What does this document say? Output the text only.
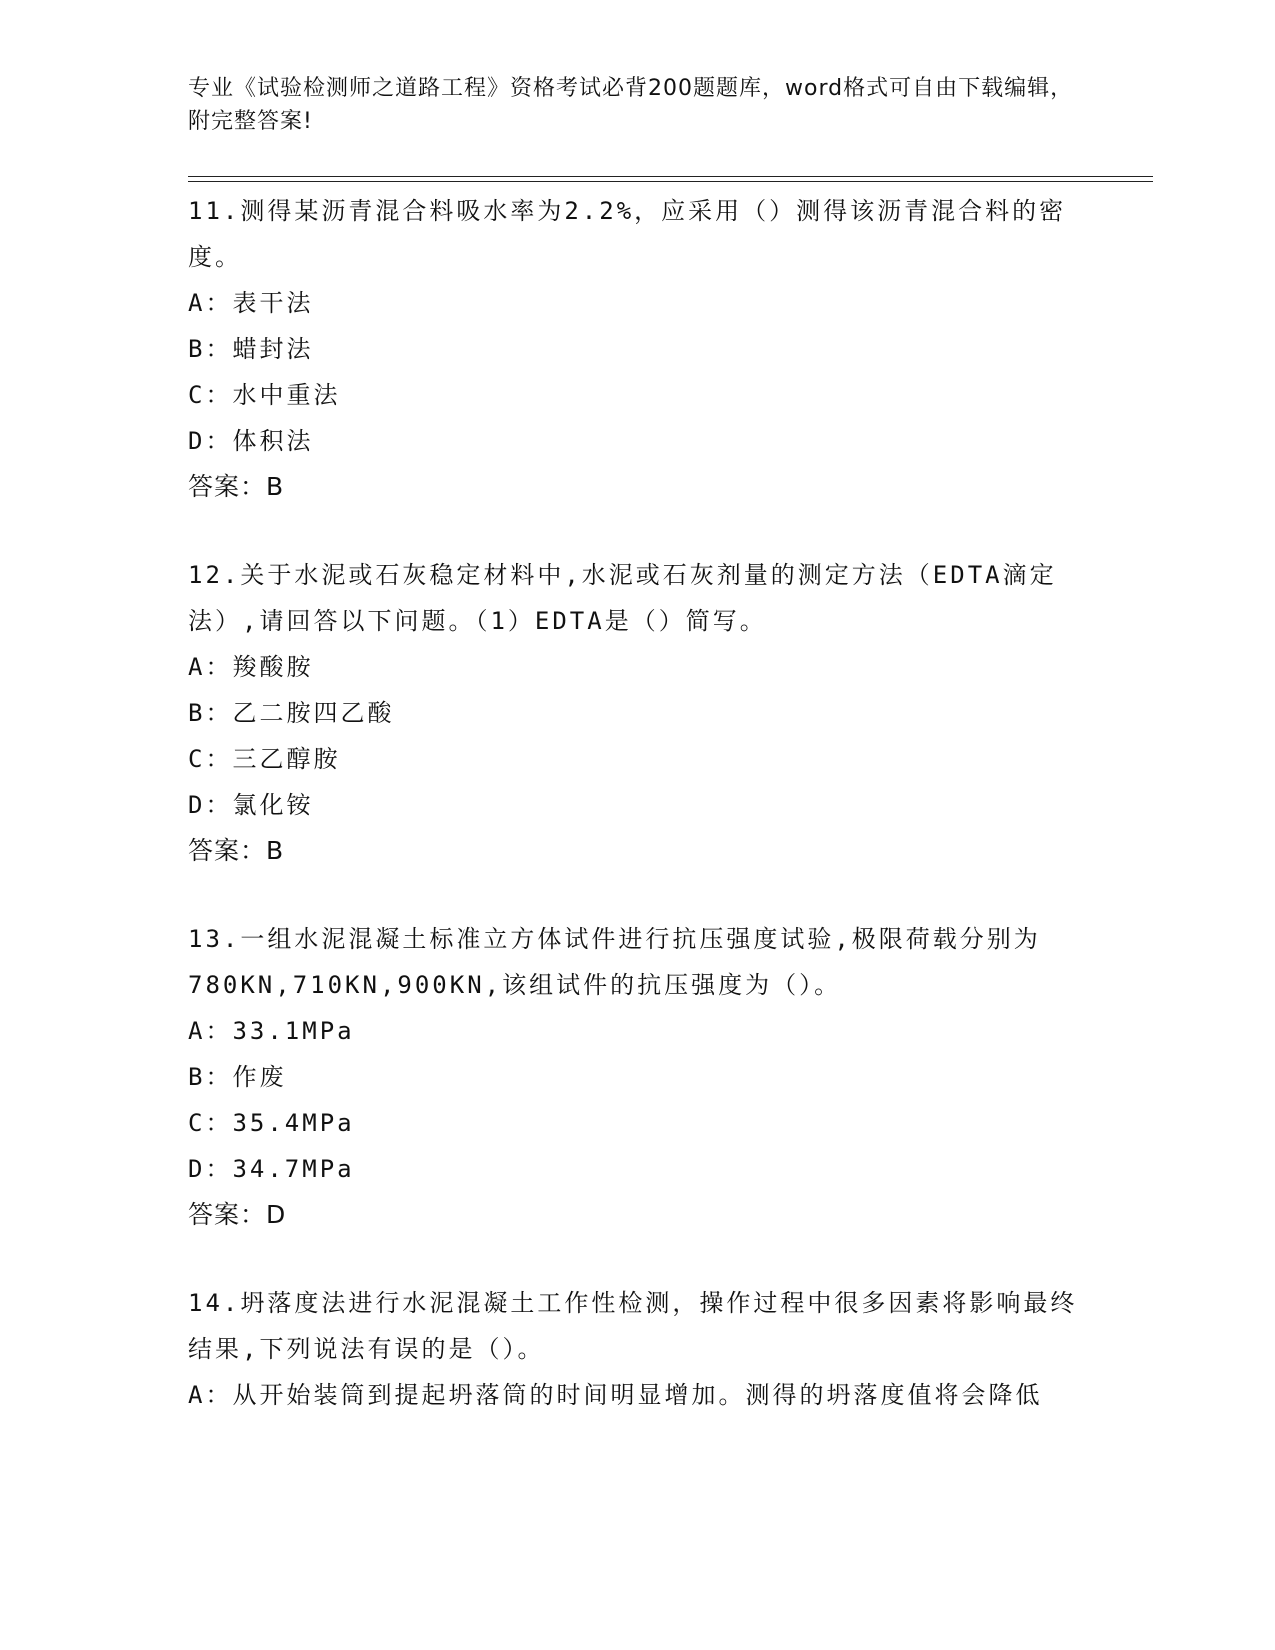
专业《试验检测师之道路工程》资格考试必背200题题库，word格式可自由下载编辑，附完整答案!
11.测得某沥青混合料吸水率为2.2%，应采用（）测得该沥青混合料的密度。
A：表干法
B：蜡封法
C：水中重法
D：体积法
答案：B
12.关于水泥或石灰稳定材料中,水泥或石灰剂量的测定方法（EDTA滴定法）,请回答以下问题。（1）EDTA是（）简写。
A：羧酸胺
B：乙二胺四乙酸
C：三乙醇胺
D：氯化铵
答案：B
13.一组水泥混凝土标准立方体试件进行抗压强度试验,极限荷载分别为780KN,710KN,900KN,该组试件的抗压强度为（）。
A：33.1MPa
B：作废
C：35.4MPa
D：34.7MPa
答案：D
14.坍落度法进行水泥混凝土工作性检测，操作过程中很多因素将影响最终结果,下列说法有误的是（）。
A：从开始装筒到提起坍落筒的时间明显增加。测得的坍落度值将会降低
